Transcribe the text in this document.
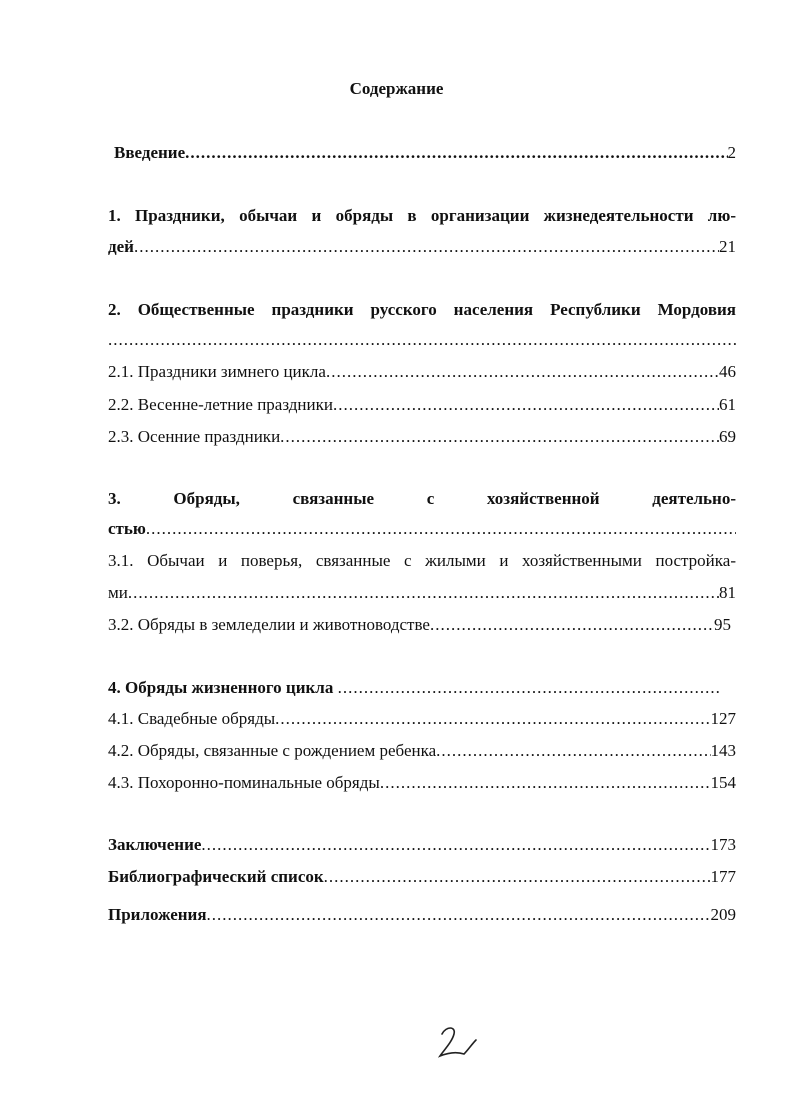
Содержание
Введение .....	2
1. Праздники, обычаи и обряды в организации жизнедеятельности лю-
дей .....	21
2. Общественные праздники русского населения Республики Мордовия
.....
2.1. Праздники зимнего цикла .....	46
2.2. Весенне-летние праздники .....	61
2.3. Осенние праздники .....	69
3. Обряды, связанные с хозяйственной деятельно-
стью
.....
3.1. Обычаи и поверья, связанные с жилыми и хозяйственными постройка-
ми .....	81
3.2. Обряды в земледелии и животноводстве .....	95
4. Обряды жизненного цикла
.....
4.1. Свадебные обряды .....	127
4.2. Обряды, связанные с рождением ребенка .....	143
4.3. Похоронно-поминальные обряды .....	154
Заключение .....	173
Библиографический список .....	177
Приложения .....	209
